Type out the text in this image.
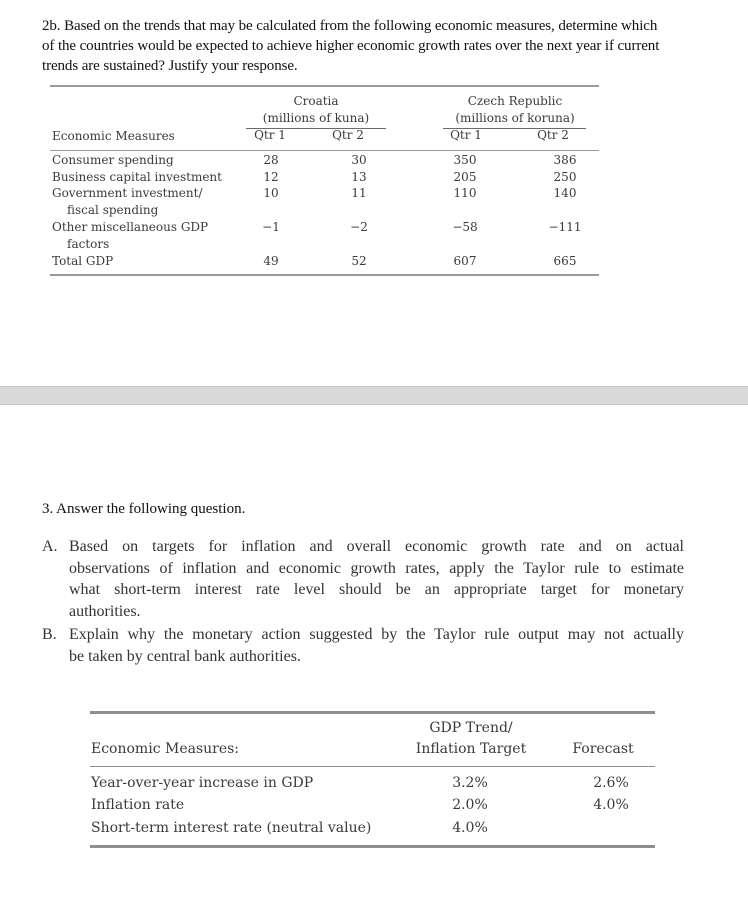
2b. Based on the trends that may be calculated from the following economic measures, determine which
of the countries would be expected to achieve higher economic growth rates over the next year if current
trends are sustained? Justify your response.
Croatia
(millions of kuna)
Qtr 1	Qtr 2
Czech Republic
(millions of koruna)
Qtr 1	Qtr 2
Economic Measures
Consumer spending	28	30	350	386
Business capital investment	12	13	205	250
Government investment/
fiscal spending
10	11	110	140
Other miscellaneous GDP
factors
−1	−2	−58	−111
Total GDP	49	52	607	665
3. Answer the following question.
A. Based on targets for inflation and overall economic growth rate and on actual
observations of inflation and economic growth rates, apply the Taylor rule to estimate
what short-term interest rate level should be an appropriate target for monetary
authorities.
B. Explain why the monetary action suggested by the Taylor rule output may not actually
be taken by central bank authorities.
GDP Trend/
Inflation Target
Economic Measures:	Forecast
Year-over-year increase in GDP	3.2%	2.6%
Inflation rate	2.0%	4.0%
Short-term interest rate (neutral value)	4.0%
